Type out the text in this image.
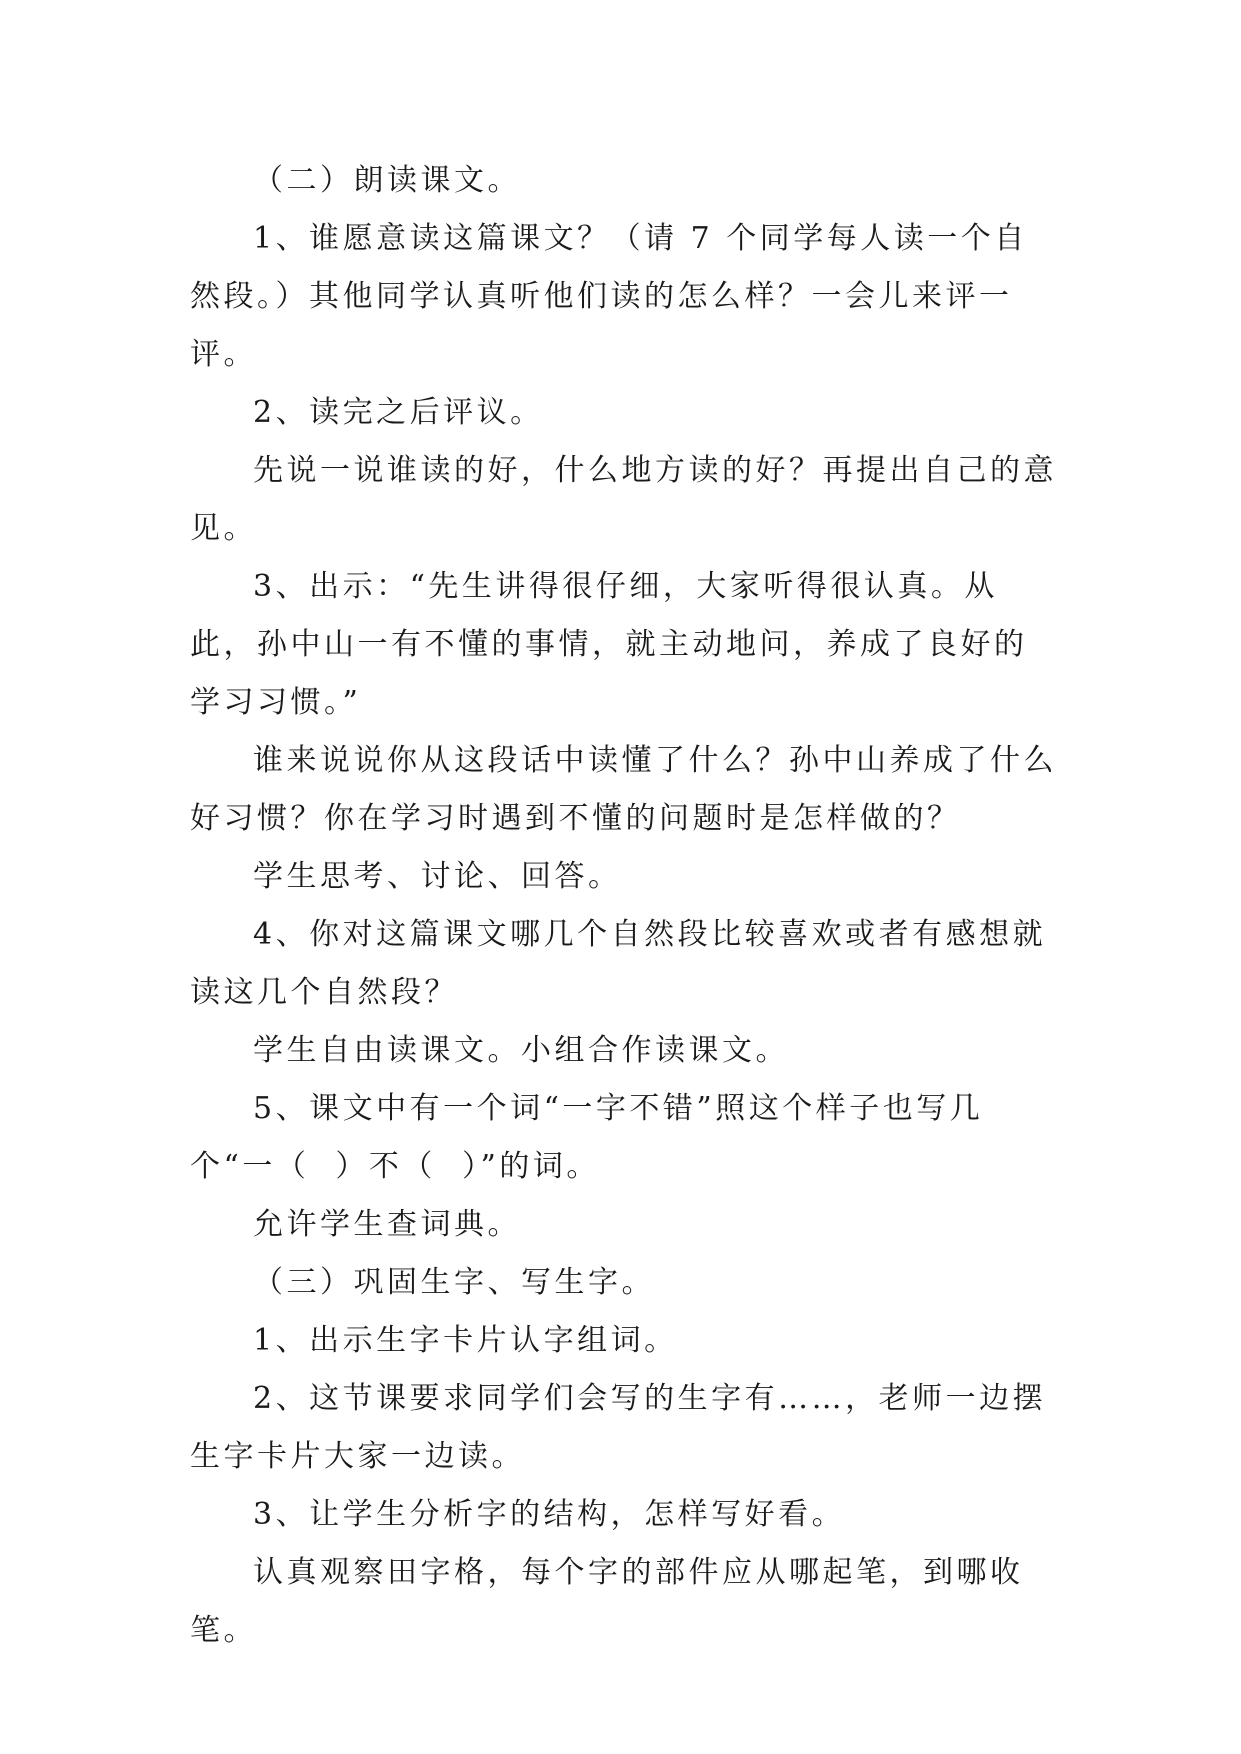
（二）朗读课文。

1、谁愿意读这篇课文？（请 7 个同学每人读一个自然段。）其他同学认真听他们读的怎么样？一会儿来评一评。

2、读完之后评议。

先说一说谁读的好，什么地方读的好？再提出自己的意见。

3、出示：“先生讲得很仔细，大家听得很认真。从此，孙中山一有不懂的事情，就主动地问，养成了良好的学习习惯。”

谁来说说你从这段话中读懂了什么？孙中山养成了什么好习惯？你在学习时遇到不懂的问题时是怎样做的？

学生思考、讨论、回答。

4、你对这篇课文哪几个自然段比较喜欢或者有感想就读这几个自然段？

学生自由读课文。小组合作读课文。

5、课文中有一个词“一字不错”照这个样子也写几个“一（  ）不（  ）”的词。

允许学生查词典。

（三）巩固生字、写生字。

1、出示生字卡片认字组词。

2、这节课要求同学们会写的生字有……，老师一边摆生字卡片大家一边读。

3、让学生分析字的结构，怎样写好看。

认真观察田字格，每个字的部件应从哪起笔，到哪收笔。
